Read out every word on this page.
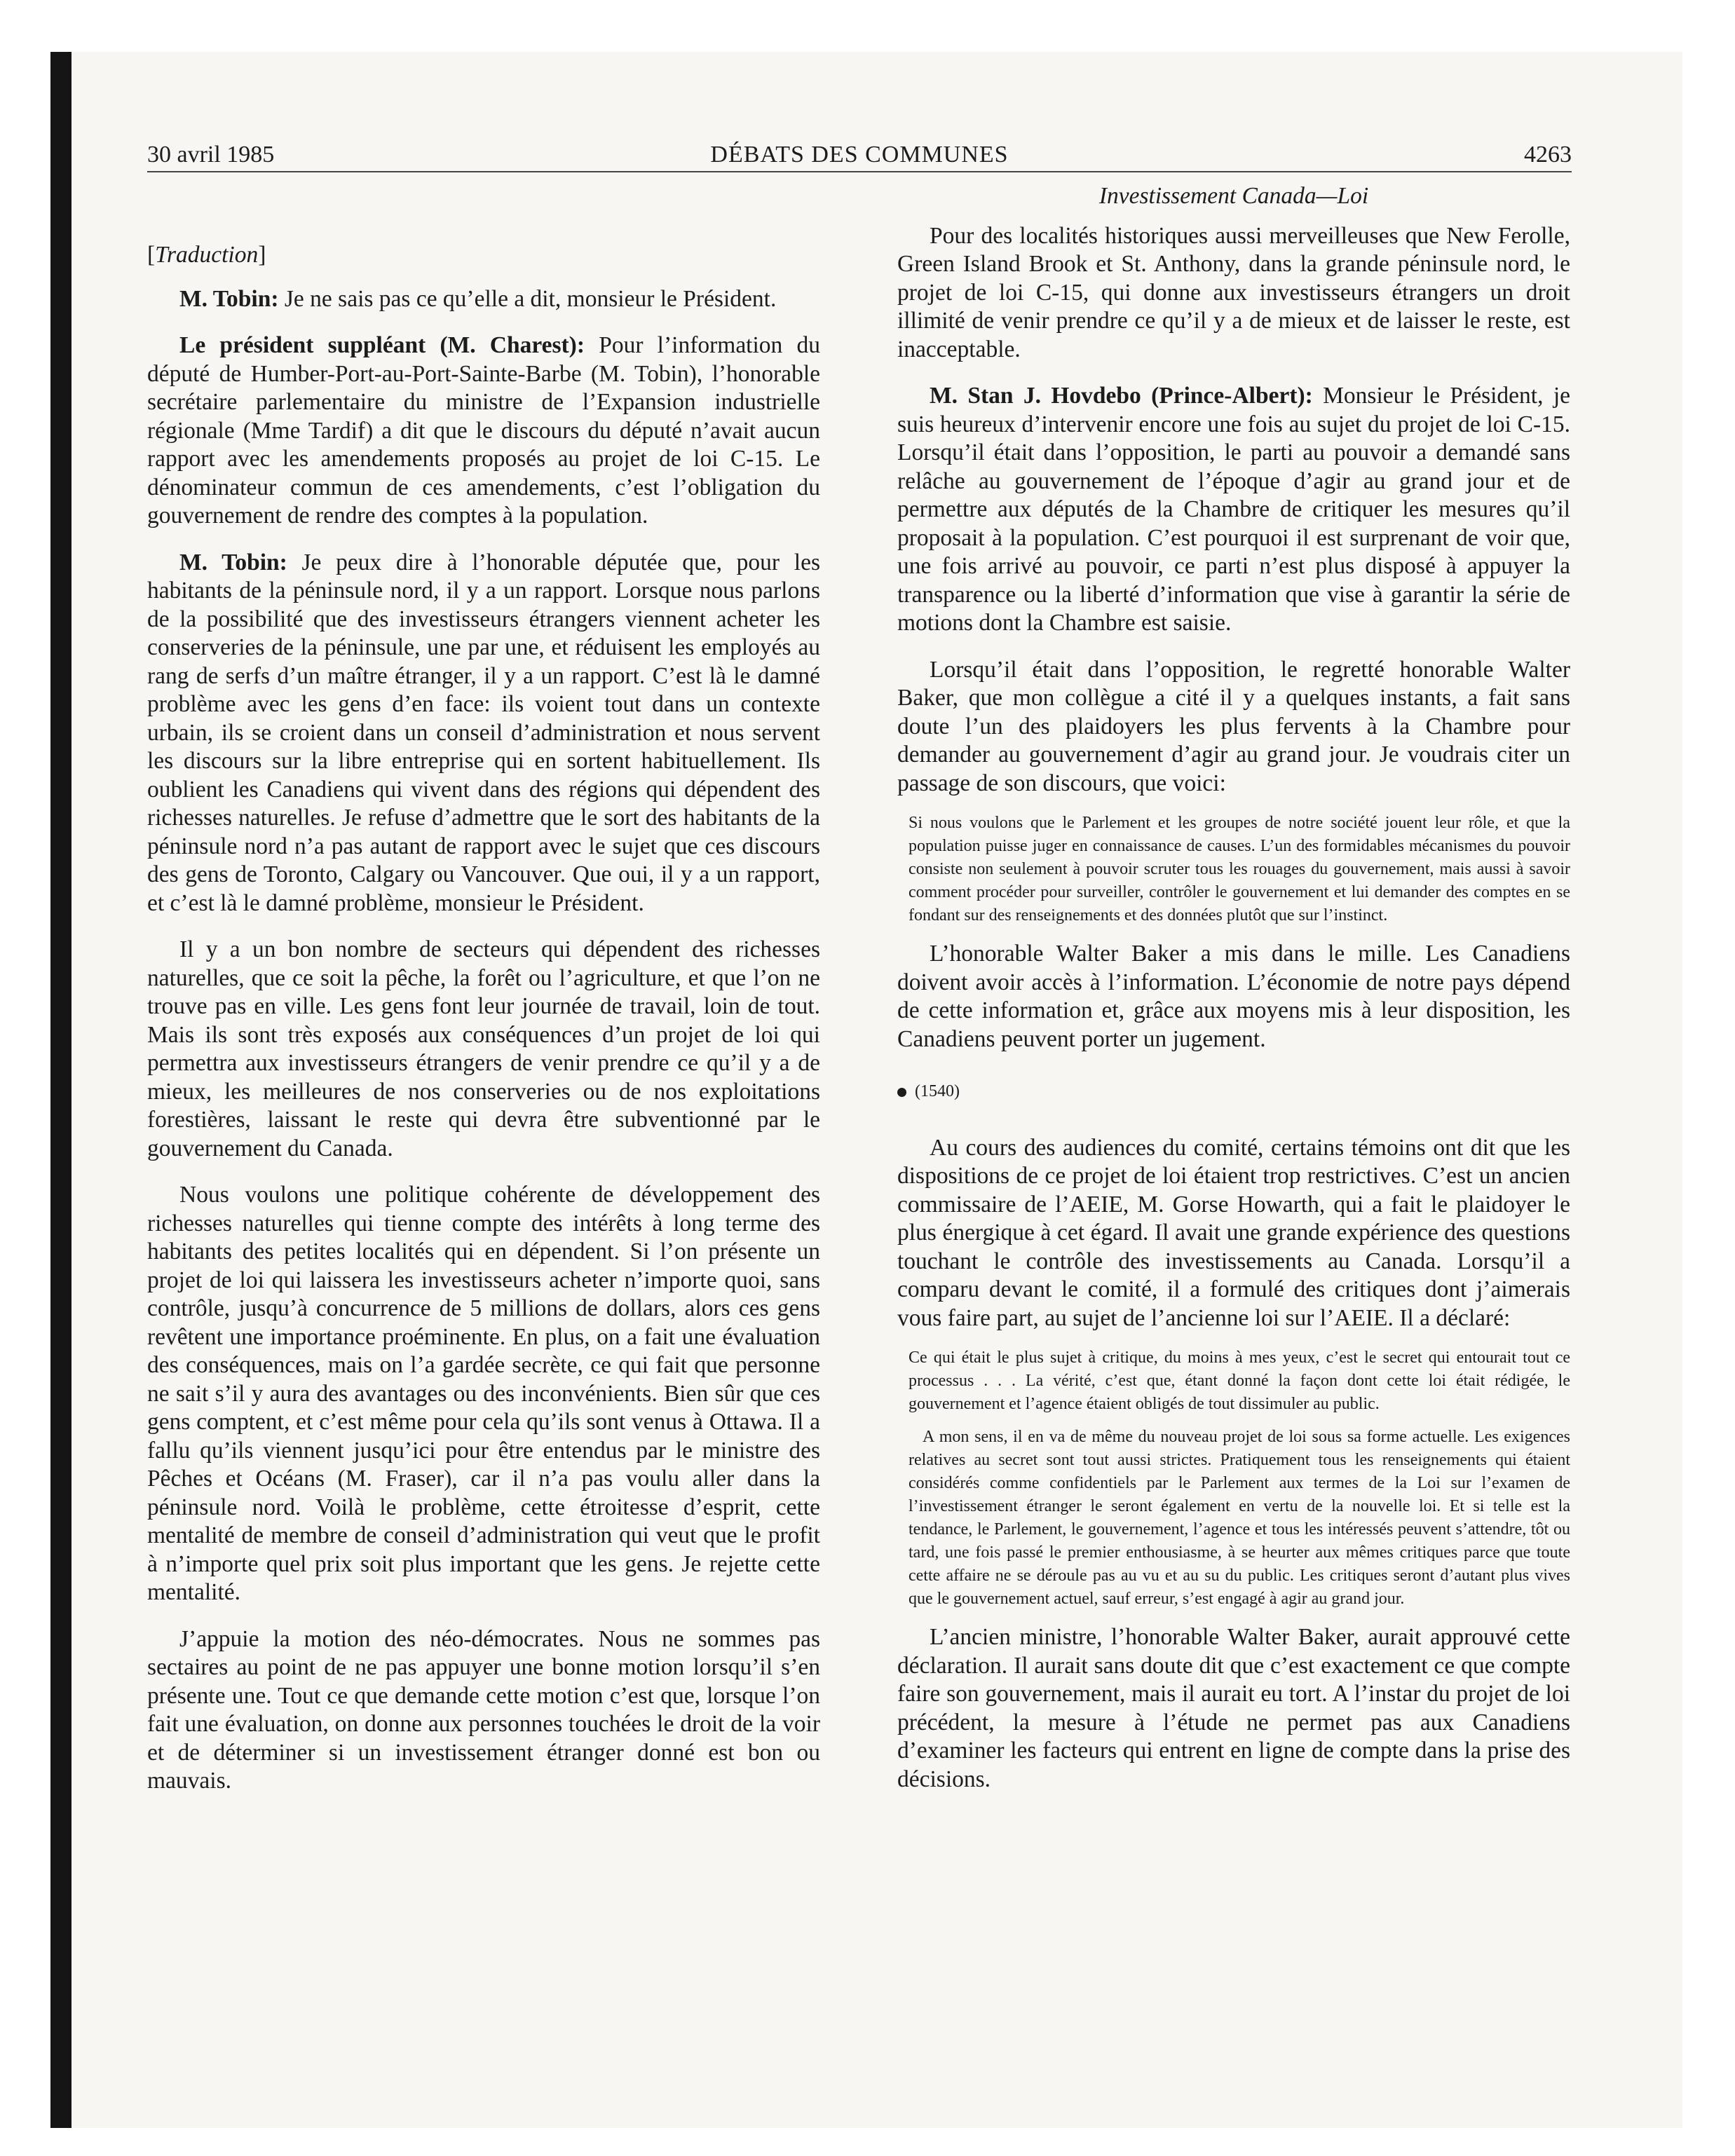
30 avril 1985	DÉBATS DES COMMUNES	4263

[Traduction]

M. Tobin: Je ne sais pas ce qu’elle a dit, monsieur le Président.

Le président suppléant (M. Charest): Pour l’information du député de Humber-Port-au-Port-Sainte-Barbe (M. Tobin), l’honorable secrétaire parlementaire du ministre de l’Expansion industrielle régionale (Mme Tardif) a dit que le discours du député n’avait aucun rapport avec les amendements proposés au projet de loi C-15. Le dénominateur commun de ces amendements, c’est l’obligation du gouvernement de rendre des comptes à la population.

M. Tobin: Je peux dire à l’honorable députée que, pour les habitants de la péninsule nord, il y a un rapport. Lorsque nous parlons de la possibilité que des investisseurs étrangers viennent acheter les conserveries de la péninsule, une par une, et réduisent les employés au rang de serfs d’un maître étranger, il y a un rapport. C’est là le damné problème avec les gens d’en face: ils voient tout dans un contexte urbain, ils se croient dans un conseil d’administration et nous servent les discours sur la libre entreprise qui en sortent habituellement. Ils oublient les Canadiens qui vivent dans des régions qui dépendent des richesses naturelles. Je refuse d’admettre que le sort des habitants de la péninsule nord n’a pas autant de rapport avec le sujet que ces discours des gens de Toronto, Calgary ou Vancouver. Que oui, il y a un rapport, et c’est là le damné problème, monsieur le Président.

Il y a un bon nombre de secteurs qui dépendent des richesses naturelles, que ce soit la pêche, la forêt ou l’agriculture, et que l’on ne trouve pas en ville. Les gens font leur journée de travail, loin de tout. Mais ils sont très exposés aux conséquences d’un projet de loi qui permettra aux investisseurs étrangers de venir prendre ce qu’il y a de mieux, les meilleures de nos conserveries ou de nos exploitations forestières, laissant le reste qui devra être subventionné par le gouvernement du Canada.

Nous voulons une politique cohérente de développement des richesses naturelles qui tienne compte des intérêts à long terme des habitants des petites localités qui en dépendent. Si l’on présente un projet de loi qui laissera les investisseurs acheter n’importe quoi, sans contrôle, jusqu’à concurrence de 5 millions de dollars, alors ces gens revêtent une importance proéminente. En plus, on a fait une évaluation des conséquences, mais on l’a gardée secrète, ce qui fait que personne ne sait s’il y aura des avantages ou des inconvénients. Bien sûr que ces gens comptent, et c’est même pour cela qu’ils sont venus à Ottawa. Il a fallu qu’ils viennent jusqu’ici pour être entendus par le ministre des Pêches et Océans (M. Fraser), car il n’a pas voulu aller dans la péninsule nord. Voilà le problème, cette étroitesse d’esprit, cette mentalité de membre de conseil d’administration qui veut que le profit à n’importe quel prix soit plus important que les gens. Je rejette cette mentalité.

J’appuie la motion des néo-démocrates. Nous ne sommes pas sectaires au point de ne pas appuyer une bonne motion lorsqu’il s’en présente une. Tout ce que demande cette motion c’est que, lorsque l’on fait une évaluation, on donne aux personnes touchées le droit de la voir et de déterminer si un investissement étranger donné est bon ou mauvais.

Investissement Canada—Loi

Pour des localités historiques aussi merveilleuses que New Ferolle, Green Island Brook et St. Anthony, dans la grande péninsule nord, le projet de loi C-15, qui donne aux investisseurs étrangers un droit illimité de venir prendre ce qu’il y a de mieux et de laisser le reste, est inacceptable.

M. Stan J. Hovdebo (Prince-Albert): Monsieur le Président, je suis heureux d’intervenir encore une fois au sujet du projet de loi C-15. Lorsqu’il était dans l’opposition, le parti au pouvoir a demandé sans relâche au gouvernement de l’époque d’agir au grand jour et de permettre aux députés de la Chambre de critiquer les mesures qu’il proposait à la population. C’est pourquoi il est surprenant de voir que, une fois arrivé au pouvoir, ce parti n’est plus disposé à appuyer la transparence ou la liberté d’information que vise à garantir la série de motions dont la Chambre est saisie.

Lorsqu’il était dans l’opposition, le regretté honorable Walter Baker, que mon collègue a cité il y a quelques instants, a fait sans doute l’un des plaidoyers les plus fervents à la Chambre pour demander au gouvernement d’agir au grand jour. Je voudrais citer un passage de son discours, que voici:

Si nous voulons que le Parlement et les groupes de notre société jouent leur rôle, et que la population puisse juger en connaissance de causes. L’un des formidables mécanismes du pouvoir consiste non seulement à pouvoir scruter tous les rouages du gouvernement, mais aussi à savoir comment procéder pour surveiller, contrôler le gouvernement et lui demander des comptes en se fondant sur des renseignements et des données plutôt que sur l’instinct.

L’honorable Walter Baker a mis dans le mille. Les Canadiens doivent avoir accès à l’information. L’économie de notre pays dépend de cette information et, grâce aux moyens mis à leur disposition, les Canadiens peuvent porter un jugement.

(1540)

Au cours des audiences du comité, certains témoins ont dit que les dispositions de ce projet de loi étaient trop restrictives. C’est un ancien commissaire de l’AEIE, M. Gorse Howarth, qui a fait le plaidoyer le plus énergique à cet égard. Il avait une grande expérience des questions touchant le contrôle des investissements au Canada. Lorsqu’il a comparu devant le comité, il a formulé des critiques dont j’aimerais vous faire part, au sujet de l’ancienne loi sur l’AEIE. Il a déclaré:

Ce qui était le plus sujet à critique, du moins à mes yeux, c’est le secret qui entourait tout ce processus . . . La vérité, c’est que, étant donné la façon dont cette loi était rédigée, le gouvernement et l’agence étaient obligés de tout dissimuler au public.

A mon sens, il en va de même du nouveau projet de loi sous sa forme actuelle. Les exigences relatives au secret sont tout aussi strictes. Pratiquement tous les renseignements qui étaient considérés comme confidentiels par le Parlement aux termes de la Loi sur l’examen de l’investissement étranger le seront également en vertu de la nouvelle loi. Et si telle est la tendance, le Parlement, le gouvernement, l’agence et tous les intéressés peuvent s’attendre, tôt ou tard, une fois passé le premier enthousiasme, à se heurter aux mêmes critiques parce que toute cette affaire ne se déroule pas au vu et au su du public. Les critiques seront d’autant plus vives que le gouvernement actuel, sauf erreur, s’est engagé à agir au grand jour.

L’ancien ministre, l’honorable Walter Baker, aurait approuvé cette déclaration. Il aurait sans doute dit que c’est exactement ce que compte faire son gouvernement, mais il aurait eu tort. A l’instar du projet de loi précédent, la mesure à l’étude ne permet pas aux Canadiens d’examiner les facteurs qui entrent en ligne de compte dans la prise des décisions.
